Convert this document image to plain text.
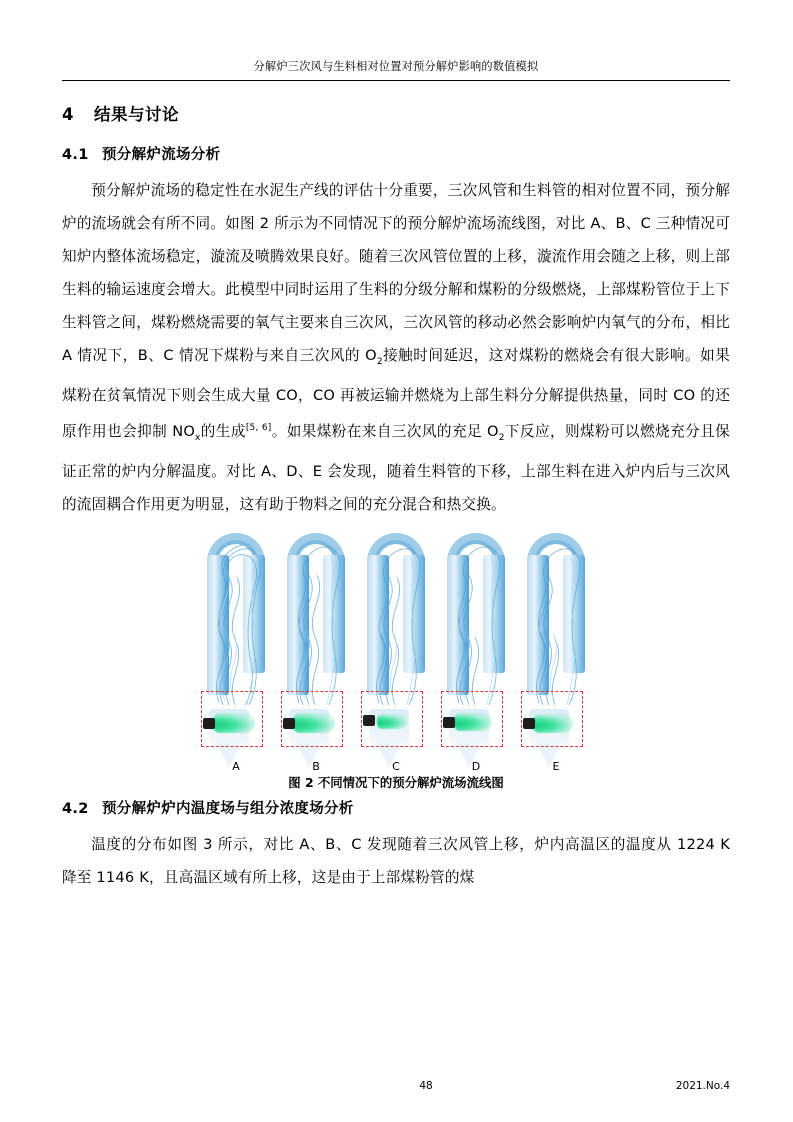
分解炉三次风与生料相对位置对预分解炉影响的数值模拟
4 结果与讨论
4.1 预分解炉流场分析

预分解炉流场的稳定性在水泥生产线的评估十分重要，三次风管和生料管的相对位置不同，预分解炉的流场就会有所不同。如图 2 所示为不同情况下的预分解炉流场流线图，对比 A、B、C 三种情况可知炉内整体流场稳定，漩流及喷腾效果良好。随着三次风管位置的上移，漩流作用会随之上移，则上部生料的输运速度会增大。此模型中同时运用了生料的分级分解和煤粉的分级燃烧，上部煤粉管位于上下生料管之间，煤粉燃烧需要的氧气主要来自三次风，三次风管的移动必然会影响炉内氧气的分布，相比 A 情况下，B、C 情况下煤粉与来自三次风的 $O_2$接触时间延迟，这对煤粉的燃烧会有很大影响。如果煤粉在贫氧情况下则会生成大量 CO，CO 再被运输并燃烧为上部生料分分解提供热量，同时 CO 的还原作用也会抑制 $NO_x$的生成[5, 6]。如果煤粉在来自三次风的充足 $O_2$下反应，则煤粉可以燃烧充分且保证正常的炉内分解温度。对比 A、D、E 会发现，随着生料管的下移，上部生料在进入炉内后与三次风的流固耦合作用更为明显，这有助于物料之间的充分混合和热交换。

A	B	C	D	E
图 2 不同情况下的预分解炉流场流线图
4.2 预分解炉炉内温度场与组分浓度场分析

温度的分布如图 3 所示，对比 A、B、C 发现随着三次风管上移，炉内高温区的温度从 1224 K 降至 1146 K，且高温区域有所上移，这是由于上部煤粉管的煤

48	2021.No.4
